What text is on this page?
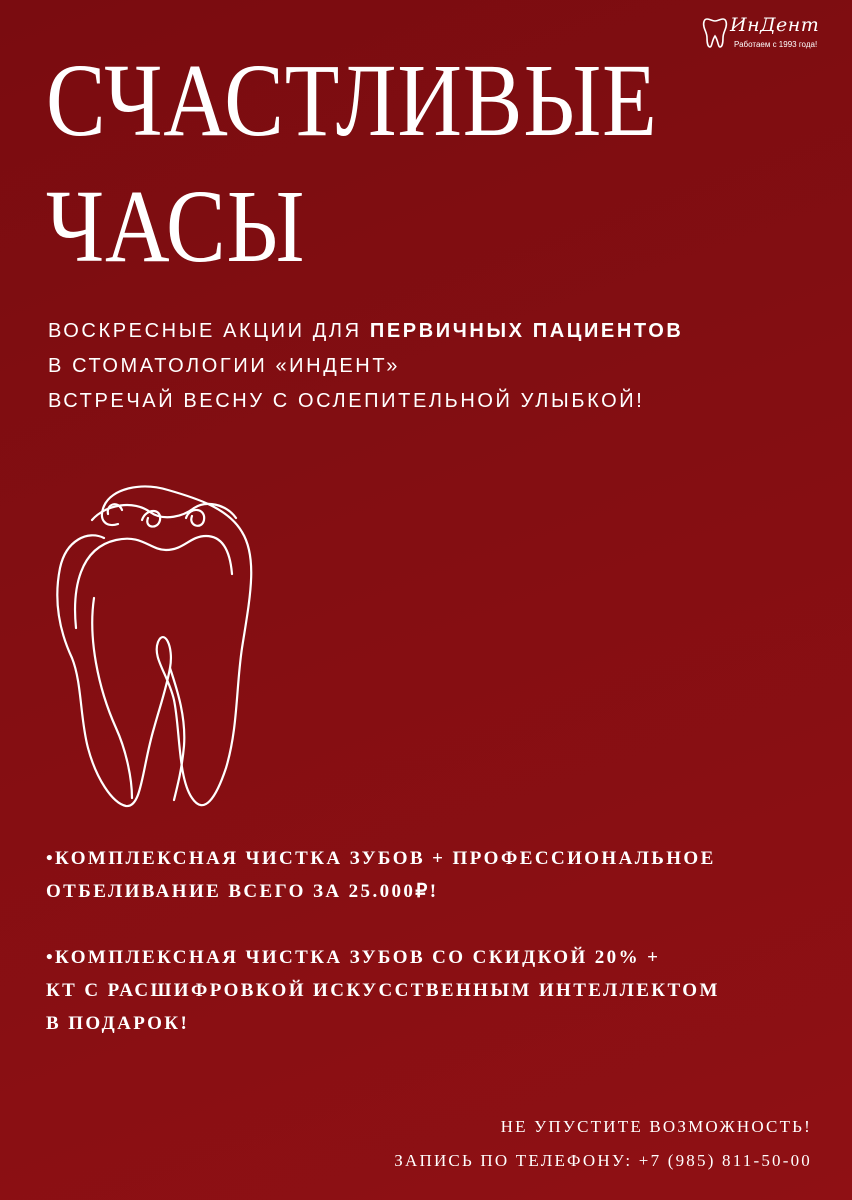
ИнДент
Работаем с 1993 года!
СЧАСТЛИВЫЕ
ЧАСЫ
ВОСКРЕСНЫЕ АКЦИИ ДЛЯ ПЕРВИЧНЫХ ПАЦИЕНТОВ
В СТОМАТОЛОГИИ «ИНДЕНТ»
ВСТРЕЧАЙ ВЕСНУ С ОСЛЕПИТЕЛЬНОЙ УЛЫБКОЙ!
•КОМПЛЕКСНАЯ ЧИСТКА ЗУБОВ + ПРОФЕССИОНАЛЬНОЕ
ОТБЕЛИВАНИЕ ВСЕГО ЗА 25.000₽!
•КОМПЛЕКСНАЯ ЧИСТКА ЗУБОВ СО СКИДКОЙ 20% +
КТ С РАСШИФРОВКОЙ ИСКУССТВЕННЫМ ИНТЕЛЛЕКТОМ
В ПОДАРОК!
НЕ УПУСТИТЕ ВОЗМОЖНОСТЬ!
ЗАПИСЬ ПО ТЕЛЕФОНУ: +7 (985) 811-50-00
